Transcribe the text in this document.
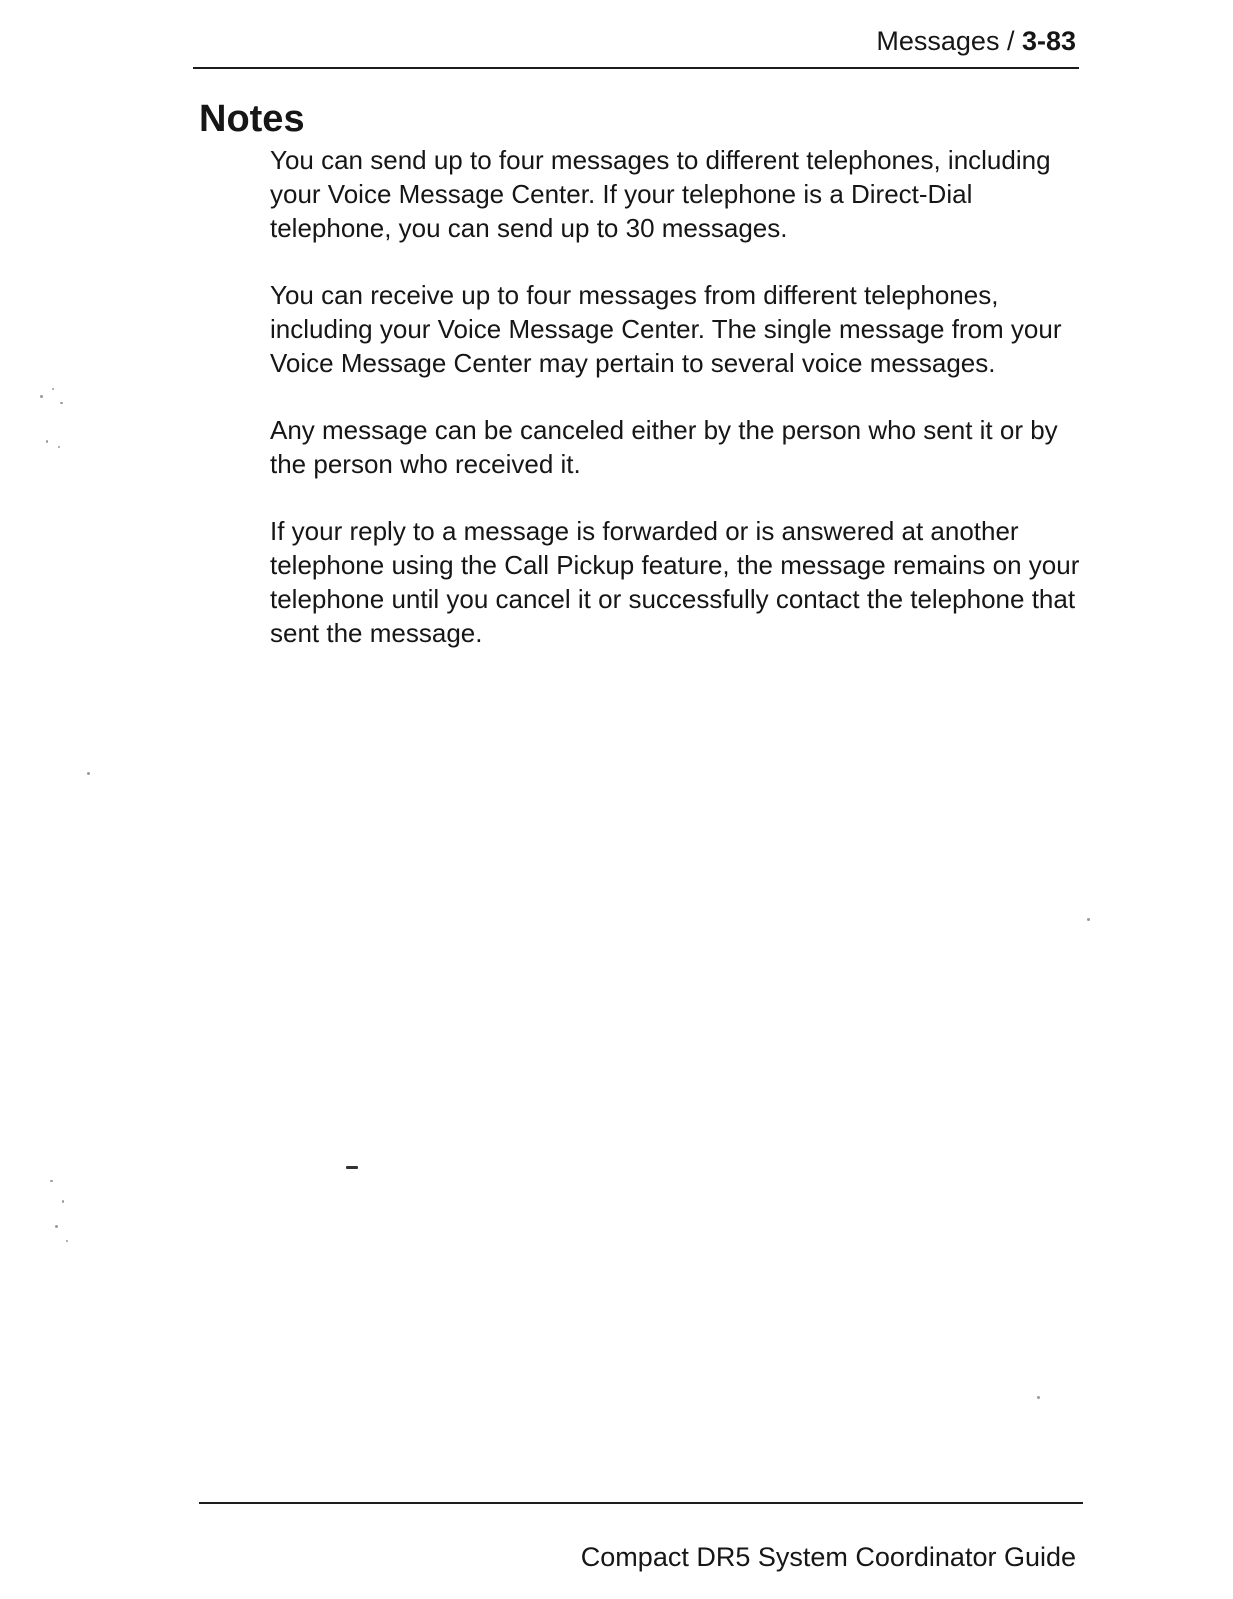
Messages / 3-83
Notes

You can send up to four messages to different telephones, including your Voice Message Center. If your telephone is a Direct-Dial telephone, you can send up to 30 messages.

You can receive up to four messages from different telephones, including your Voice Message Center. The single message from your Voice Message Center may pertain to several voice messages.

Any message can be canceled either by the person who sent it or by the person who received it.

If your reply to a message is forwarded or is answered at another telephone using the Call Pickup feature, the message remains on your telephone until you cancel it or successfully contact the telephone that sent the message.

Compact DR5 System Coordinator Guide
